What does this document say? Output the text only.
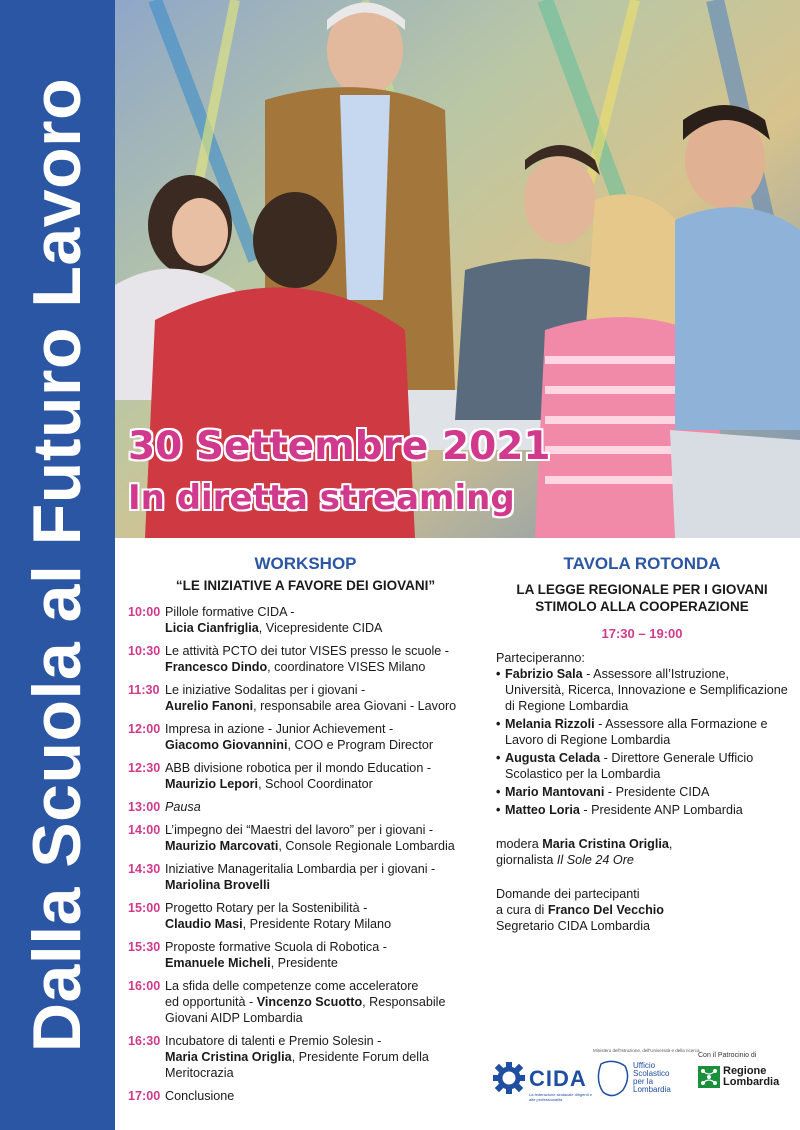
Dalla Scuola al Futuro Lavoro 30 Settembre 2021
In diretta streaming
WORKSHOP
“LE INIZIATIVE A FAVORE DEI GIOVANI”
10:00 Pillole formative CIDA -
Licia Cianfriglia, Vicepresidente CIDA
10:30 Le attività PCTO dei tutor VISES presso le scuole -
Francesco Dindo, coordinatore VISES Milano
11:30 Le iniziative Sodalitas per i giovani -
Aurelio Fanoni, responsabile area Giovani - Lavoro
12:00 Impresa in azione - Junior Achievement -
Giacomo Giovannini, COO e Program Director
12:30 ABB divisione robotica per il mondo Education -
Maurizio Lepori, School Coordinator
13:00 Pausa
14:00 L’impegno dei “Maestri del lavoro” per i giovani -
Maurizio Marcovati, Console Regionale Lombardia
14:30 Iniziative Manageritalia Lombardia per i giovani -
Mariolina Brovelli
15:00 Progetto Rotary per la Sostenibilità -
Claudio Masi, Presidente Rotary Milano
15:30 Proposte formative Scuola di Robotica -
Emanuele Micheli, Presidente
16:00 La sfida delle competenze come acceleratore
ed opportunità - Vincenzo Scuotto, Responsabile Giovani AIDP Lombardia
16:30 Incubatore di talenti e Premio Solesin -
Maria Cristina Origlia, Presidente Forum della Meritocrazia
17:00 Conclusione
TAVOLA ROTONDA
LA LEGGE REGIONALE PER I GIOVANI
STIMOLO ALLA COOPERAZIONE
17:30 – 19:00
Parteciperanno:
• Fabrizio Sala - Assessore all’Istruzione, Università, Ricerca, Innovazione e Semplificazione di Regione Lombardia
• Melania Rizzoli - Assessore alla Formazione e Lavoro di Regione Lombardia
• Augusta Celada - Direttore Generale Ufficio Scolastico per la Lombardia
• Mario Mantovani - Presidente CIDA
• Matteo Loria - Presidente ANP Lombardia
modera Maria Cristina Origlia,
giornalista Il Sole 24 Ore
Domande dei partecipanti
a cura di Franco Del Vecchio
Segretario CIDA Lombardia
CIDA
La federazione sindacale dirigenti e alte professionalità
Ministero dell'Istruzione, dell'Università e della ricerca
Ufficio
Scolastico
per la
Lombardia
Con il Patrocinio di
Regione
Lombardia
